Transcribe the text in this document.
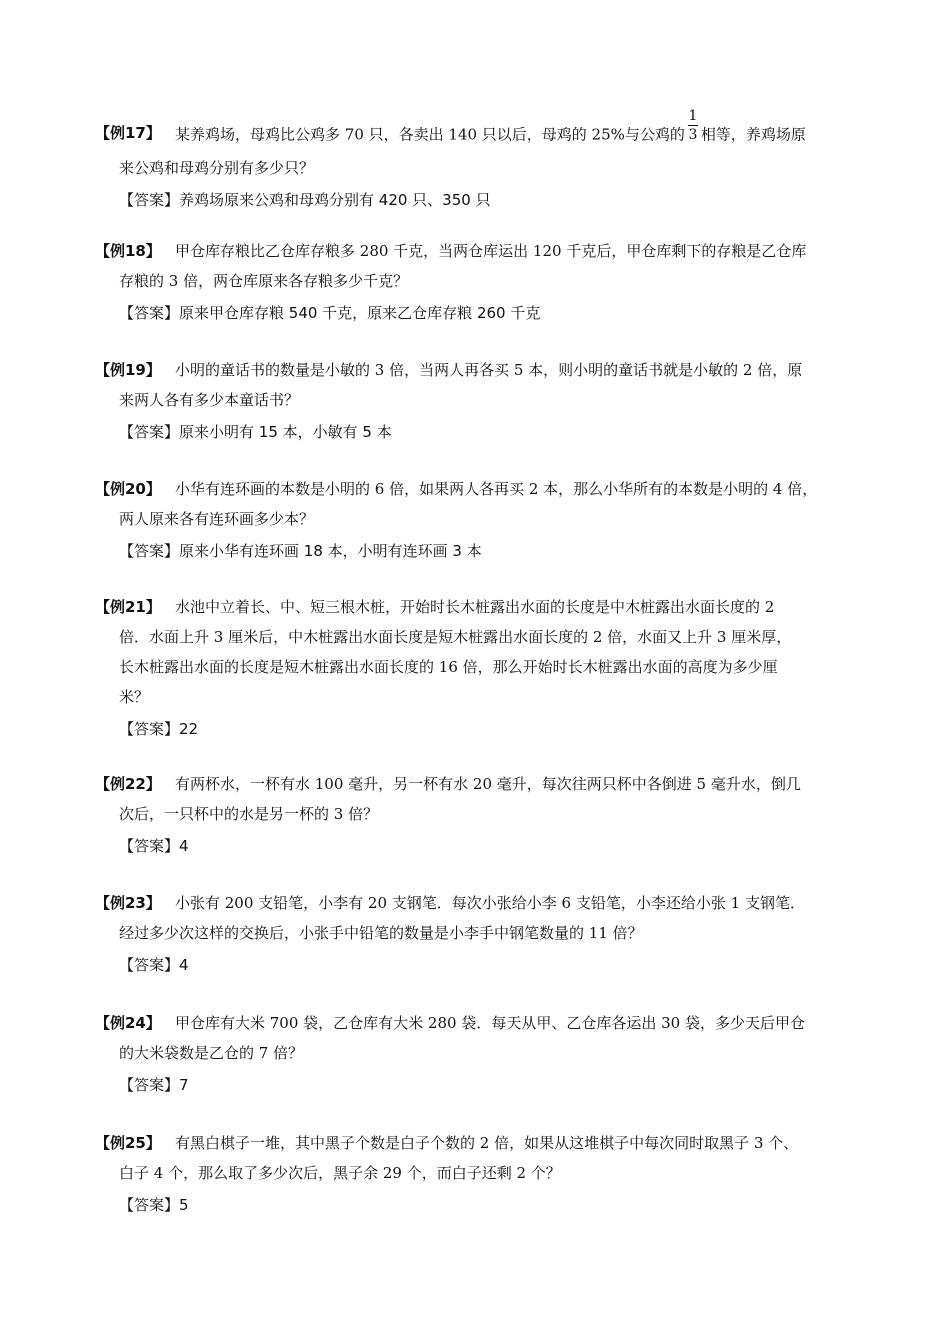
【例17】 某养鸡场，母鸡比公鸡多 70 只，各卖出 140 只以后，母鸡的 25%与公鸡的 $\frac{1}{3}$ 相等，养鸡场原
来公鸡和母鸡分别有多少只？
【答案】养鸡场原来公鸡和母鸡分别有 420 只、350 只
【例18】 甲仓库存粮比乙仓库存粮多 280 千克，当两仓库运出 120 千克后，甲仓库剩下的存粮是乙仓库
存粮的 3 倍，两仓库原来各存粮多少千克？
【答案】原来甲仓库存粮 540 千克，原来乙仓库存粮 260 千克
【例19】 小明的童话书的数量是小敏的 3 倍，当两人再各买 5 本，则小明的童话书就是小敏的 2 倍，原
来两人各有多少本童话书？
【答案】原来小明有 15 本，小敏有 5 本
【例20】 小华有连环画的本数是小明的 6 倍，如果两人各再买 2 本，那么小华所有的本数是小明的 4 倍，
两人原来各有连环画多少本？
【答案】原来小华有连环画 18 本，小明有连环画 3 本
【例21】 水池中立着长、中、短三根木桩，开始时长木桩露出水面的长度是中木桩露出水面长度的 2
倍．水面上升 3 厘米后，中木桩露出水面长度是短木桩露出水面长度的 2 倍，水面又上升 3 厘米厚，
长木桩露出水面的长度是短木桩露出水面长度的 16 倍，那么开始时长木桩露出水面的高度为多少厘
米？
【答案】22
【例22】 有两杯水，一杯有水 100 毫升，另一杯有水 20 毫升，每次往两只杯中各倒进 5 毫升水，倒几
次后，一只杯中的水是另一杯的 3 倍？
【答案】4
【例23】 小张有 200 支铅笔，小李有 20 支钢笔．每次小张给小李 6 支铅笔，小李还给小张 1 支钢笔．
经过多少次这样的交换后，小张手中铅笔的数量是小李手中钢笔数量的 11 倍？
【答案】4
【例24】 甲仓库有大米 700 袋，乙仓库有大米 280 袋．每天从甲、乙仓库各运出 30 袋，多少天后甲仓
的大米袋数是乙仓的 7 倍？
【答案】7
【例25】 有黑白棋子一堆，其中黑子个数是白子个数的 2 倍，如果从这堆棋子中每次同时取黑子 3 个、
白子 4 个，那么取了多少次后，黑子余 29 个，而白子还剩 2 个？
【答案】5
